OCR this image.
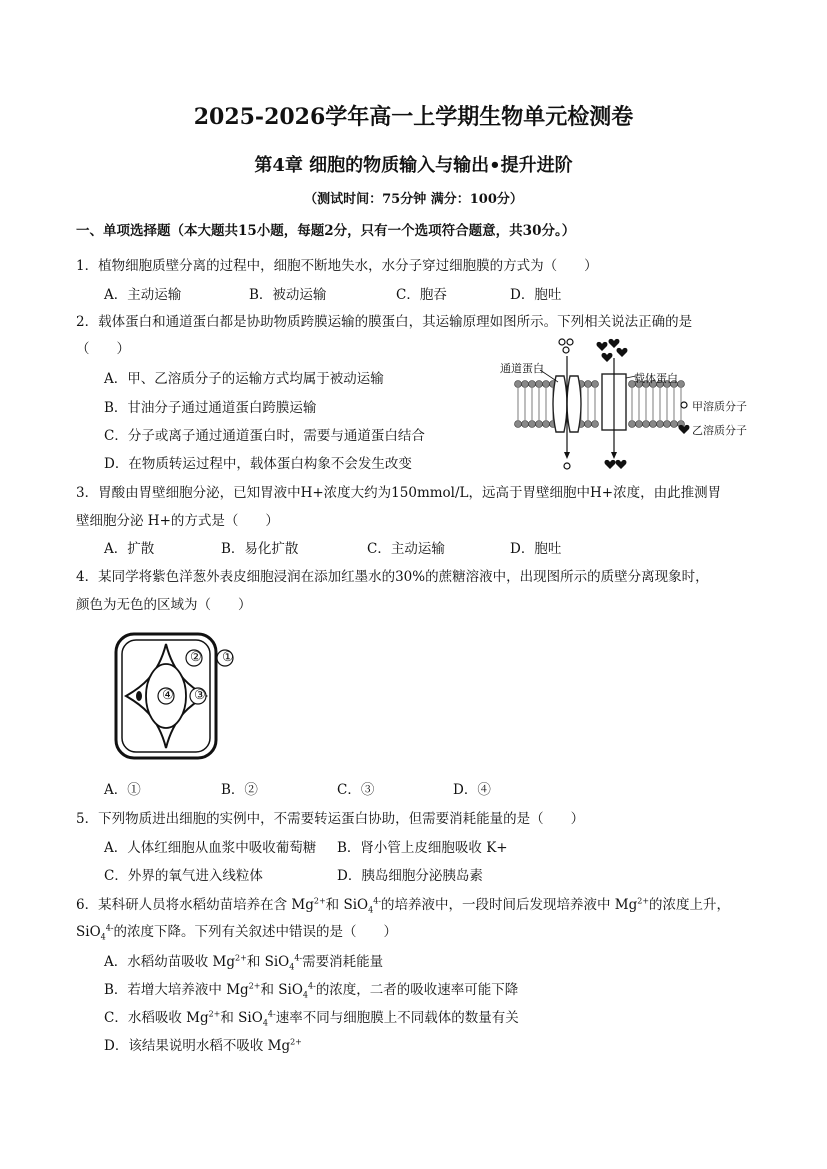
2025-2026学年高一上学期生物单元检测卷
第4章 细胞的物质输入与输出•提升进阶
（测试时间：75分钟 满分：100分）
一、单项选择题（本大题共15小题，每题2分，只有一个选项符合题意，共30分。）
1．植物细胞质壁分离的过程中，细胞不断地失水，水分子穿过细胞膜的方式为（　　）
A．主动运输	B．被动运输	C．胞吞	D．胞吐
2．载体蛋白和通道蛋白都是协助物质跨膜运输的膜蛋白，其运输原理如图所示。下列相关说法正确的是
（　　）
A．甲、乙溶质分子的运输方式均属于被动运输
B．甘油分子通过通道蛋白跨膜运输
C．分子或离子通过通道蛋白时，需要与通道蛋白结合
D．在物质转运过程中，载体蛋白构象不会发生改变
通道蛋白
载体蛋白
甲溶质分子
乙溶质分子
3．胃酸由胃壁细胞分泌，已知胃液中H+浓度大约为150mmol/L，远高于胃壁细胞中H+浓度，由此推测胃
壁细胞分泌 H+的方式是（　　）
A．扩散	B．易化扩散	C．主动运输	D．胞吐
4．某同学将紫色洋葱外表皮细胞浸润在添加红墨水的30%的蔗糖溶液中，出现图所示的质壁分离现象时，
颜色为无色的区域为（　　）
①
②
③
④
A．①	B．②	C．③	D．④
5．下列物质进出细胞的实例中，不需要转运蛋白协助，但需要消耗能量的是（　　）
A．人体红细胞从血浆中吸收葡萄糖 B．肾小管上皮细胞吸收 K+
C．外界的氧气进入线粒体	D．胰岛细胞分泌胰岛素
6．某科研人员将水稻幼苗培养在含 $Mg^{2+}$和 SiO$_4^{4-}$的培养液中，一段时间后发现培养液中 $Mg^{2+}$的浓度上升，
SiO$_4^{4-}$的浓度下降。下列有关叙述中错误的是（　　）
A．水稻幼苗吸收 $Mg^{2+}$和 SiO$_4^{4-}$需要消耗能量
B．若增大培养液中 $Mg^{2+}$和 SiO$_4^{4-}$的浓度，二者的吸收速率可能下降
C．水稻吸收 $Mg^{2+}$和 SiO$_4^{4-}$速率不同与细胞膜上不同载体的数量有关
D．该结果说明水稻不吸收 $Mg^{2+}$
